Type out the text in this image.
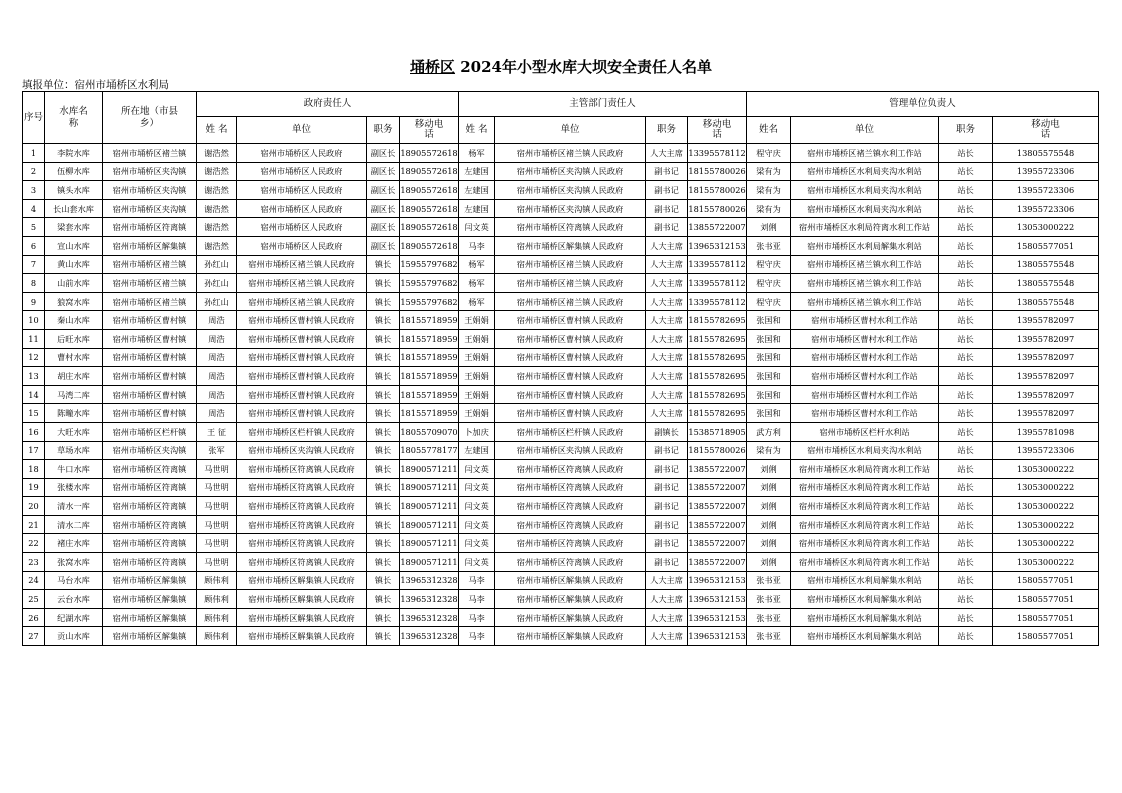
埇桥区 2024年小型水库大坝安全责任人名单
填报单位：宿州市埇桥区水利局
序号	水库名称	所在地（市县乡）	政府责任人				主管部门责任人				管理单位负责人			
			姓 名	单位	职务	移动电话	姓 名	单位	职务	移动电话	姓名	单位	职务	移动电话
1	李院水库	宿州市埇桥区褚兰镇	谢浩然	宿州市埇桥区人民政府	副区长	18905572618	杨军	宿州市埇桥区褚兰镇人民政府	人大主席	13395578112	程守庆	宿州市埇桥区褚兰镇水利工作站	站长	13805575548
2	伍柳水库	宿州市埇桥区夹沟镇	谢浩然	宿州市埇桥区人民政府	副区长	18905572618	左建国	宿州市埇桥区夹沟镇人民政府	副书记	18155780026	梁有为	宿州市埇桥区水利局夹沟水利站	站长	13955723306
3	镇头水库	宿州市埇桥区夹沟镇	谢浩然	宿州市埇桥区人民政府	副区长	18905572618	左建国	宿州市埇桥区夹沟镇人民政府	副书记	18155780026	梁有为	宿州市埇桥区水利局夹沟水利站	站长	13955723306
4	长山套水库	宿州市埇桥区夹沟镇	谢浩然	宿州市埇桥区人民政府	副区长	18905572618	左建国	宿州市埇桥区夹沟镇人民政府	副书记	18155780026	梁有为	宿州市埇桥区水利局夹沟水利站	站长	13955723306
5	梁套水库	宿州市埇桥区符离镇	谢浩然	宿州市埇桥区人民政府	副区长	18905572618	闫文英	宿州市埇桥区符离镇人民政府	副书记	13855722007	刘俐	宿州市埇桥区水利局符离水利工作站	站长	13053000222
6	宣山水库	宿州市埇桥区解集镇	谢浩然	宿州市埇桥区人民政府	副区长	18905572618	马李	宿州市埇桥区解集镇人民政府	人大主席	13965312153	张书亚	宿州市埇桥区水利局解集水利站	站长	15805577051
7	黄山水库	宿州市埇桥区褚兰镇	孙红山	宿州市埇桥区褚兰镇人民政府	镇长	15955797682	杨军	宿州市埇桥区褚兰镇人民政府	人大主席	13395578112	程守庆	宿州市埇桥区褚兰镇水利工作站	站长	13805575548
8	山前水库	宿州市埇桥区褚兰镇	孙红山	宿州市埇桥区褚兰镇人民政府	镇长	15955797682	杨军	宿州市埇桥区褚兰镇人民政府	人大主席	13395578112	程守庆	宿州市埇桥区褚兰镇水利工作站	站长	13805575548
9	狼窝水库	宿州市埇桥区褚兰镇	孙红山	宿州市埇桥区褚兰镇人民政府	镇长	15955797682	杨军	宿州市埇桥区褚兰镇人民政府	人大主席	13395578112	程守庆	宿州市埇桥区褚兰镇水利工作站	站长	13805575548
10	秦山水库	宿州市埇桥区曹村镇	周浩	宿州市埇桥区曹村镇人民政府	镇长	18155718959	王娟娟	宿州市埇桥区曹村镇人民政府	人大主席	18155782695	张国和	宿州市埇桥区曹村水利工作站	站长	13955782097
11	后旺水库	宿州市埇桥区曹村镇	周浩	宿州市埇桥区曹村镇人民政府	镇长	18155718959	王娟娟	宿州市埇桥区曹村镇人民政府	人大主席	18155782695	张国和	宿州市埇桥区曹村水利工作站	站长	13955782097
12	曹村水库	宿州市埇桥区曹村镇	周浩	宿州市埇桥区曹村镇人民政府	镇长	18155718959	王娟娟	宿州市埇桥区曹村镇人民政府	人大主席	18155782695	张国和	宿州市埇桥区曹村水利工作站	站长	13955782097
13	胡庄水库	宿州市埇桥区曹村镇	周浩	宿州市埇桥区曹村镇人民政府	镇长	18155718959	王娟娟	宿州市埇桥区曹村镇人民政府	人大主席	18155782695	张国和	宿州市埇桥区曹村水利工作站	站长	13955782097
14	马湾二库	宿州市埇桥区曹村镇	周浩	宿州市埇桥区曹村镇人民政府	镇长	18155718959	王娟娟	宿州市埇桥区曹村镇人民政府	人大主席	18155782695	张国和	宿州市埇桥区曹村水利工作站	站长	13955782097
15	陈疃水库	宿州市埇桥区曹村镇	周浩	宿州市埇桥区曹村镇人民政府	镇长	18155718959	王娟娟	宿州市埇桥区曹村镇人民政府	人大主席	18155782695	张国和	宿州市埇桥区曹村水利工作站	站长	13955782097
16	大旺水库	宿州市埇桥区栏杆镇	王 征	宿州市埇桥区栏杆镇人民政府	镇长	18055709070	卜加庆	宿州市埇桥区栏杆镇人民政府	副镇长	15385718905	武方利	宿州市埇桥区栏杆水利站	站长	13955781098
17	草场水库	宿州市埇桥区夹沟镇	张军	宿州市埇桥区夹沟镇人民政府	镇长	18055778177	左建国	宿州市埇桥区夹沟镇人民政府	副书记	18155780026	梁有为	宿州市埇桥区水利局夹沟水利站	站长	13955723306
18	牛口水库	宿州市埇桥区符离镇	马世明	宿州市埇桥区符离镇人民政府	镇长	18900571211	闫文英	宿州市埇桥区符离镇人民政府	副书记	13855722007	刘俐	宿州市埇桥区水利局符离水利工作站	站长	13053000222
19	张楼水库	宿州市埇桥区符离镇	马世明	宿州市埇桥区符离镇人民政府	镇长	18900571211	闫文英	宿州市埇桥区符离镇人民政府	副书记	13855722007	刘俐	宿州市埇桥区水利局符离水利工作站	站长	13053000222
20	清水一库	宿州市埇桥区符离镇	马世明	宿州市埇桥区符离镇人民政府	镇长	18900571211	闫文英	宿州市埇桥区符离镇人民政府	副书记	13855722007	刘俐	宿州市埇桥区水利局符离水利工作站	站长	13053000222
21	清水二库	宿州市埇桥区符离镇	马世明	宿州市埇桥区符离镇人民政府	镇长	18900571211	闫文英	宿州市埇桥区符离镇人民政府	副书记	13855722007	刘俐	宿州市埇桥区水利局符离水利工作站	站长	13053000222
22	褚庄水库	宿州市埇桥区符离镇	马世明	宿州市埇桥区符离镇人民政府	镇长	18900571211	闫文英	宿州市埇桥区符离镇人民政府	副书记	13855722007	刘俐	宿州市埇桥区水利局符离水利工作站	站长	13053000222
23	张窝水库	宿州市埇桥区符离镇	马世明	宿州市埇桥区符离镇人民政府	镇长	18900571211	闫文英	宿州市埇桥区符离镇人民政府	副书记	13855722007	刘俐	宿州市埇桥区水利局符离水利工作站	站长	13053000222
24	马台水库	宿州市埇桥区解集镇	顾伟利	宿州市埇桥区解集镇人民政府	镇长	13965312328	马李	宿州市埇桥区解集镇人民政府	人大主席	13965312153	张书亚	宿州市埇桥区水利局解集水利站	站长	15805577051
25	云台水库	宿州市埇桥区解集镇	顾伟利	宿州市埇桥区解集镇人民政府	镇长	13965312328	马李	宿州市埇桥区解集镇人民政府	人大主席	13965312153	张书亚	宿州市埇桥区水利局解集水利站	站长	15805577051
26	纪湖水库	宿州市埇桥区解集镇	顾伟利	宿州市埇桥区解集镇人民政府	镇长	13965312328	马李	宿州市埇桥区解集镇人民政府	人大主席	13965312153	张书亚	宿州市埇桥区水利局解集水利站	站长	15805577051
27	贡山水库	宿州市埇桥区解集镇	顾伟利	宿州市埇桥区解集镇人民政府	镇长	13965312328	马李	宿州市埇桥区解集镇人民政府	人大主席	13965312153	张书亚	宿州市埇桥区水利局解集水利站	站长	15805577051
